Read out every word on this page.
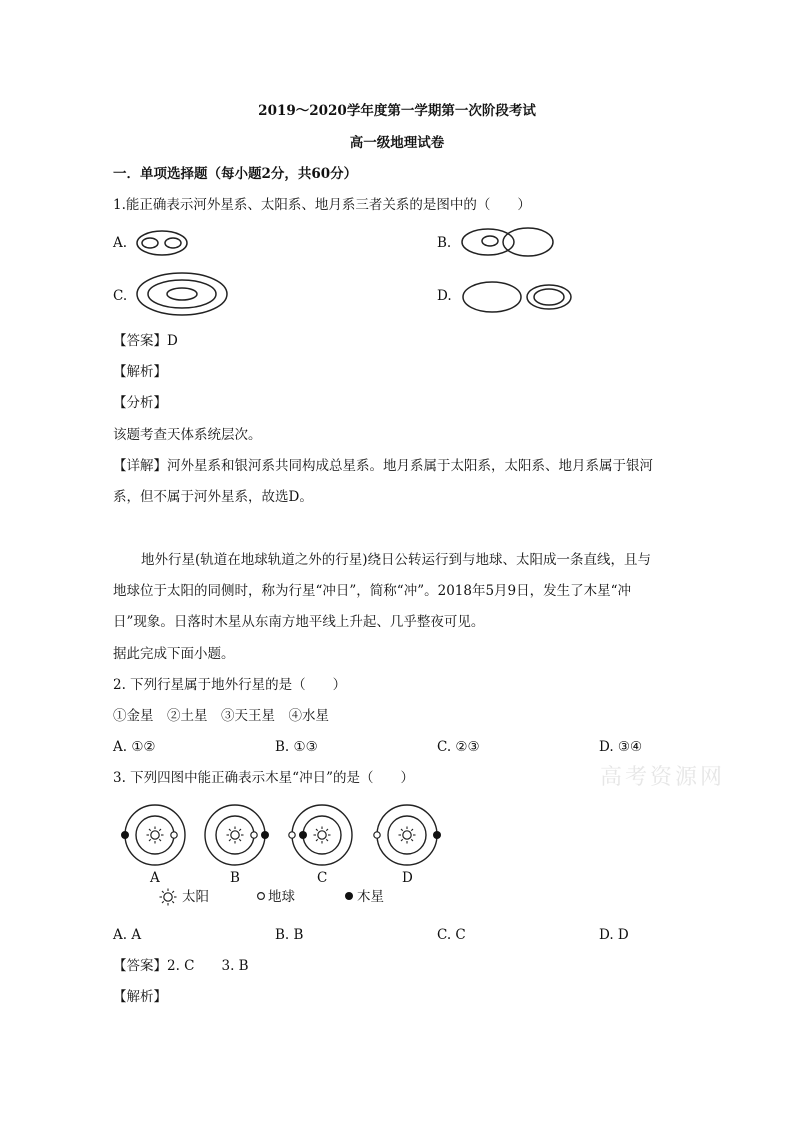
2019～2020学年度第一学期第一次阶段考试
高一级地理试卷
一．单项选择题（每小题2分，共60分）
1.能正确表示河外星系、太阳系、地月系三者关系的是图中的（　　）
A.	B.
C.	D.
【答案】D
【解析】
【分析】
该题考查天体系统层次。
【详解】河外星系和银河系共同构成总星系。地月系属于太阳系，太阳系、地月系属于银河
系，但不属于河外星系，故选D。
地外行星(轨道在地球轨道之外的行星)绕日公转运行到与地球、太阳成一条直线，且与
地球位于太阳的同侧时，称为行星“冲日”，简称“冲”。2018年5月9日，发生了木星“冲
日”现象。日落时木星从东南方地平线上升起、几乎整夜可见。
据此完成下面小题。
2. 下列行星属于地外行星的是（　　）
①金星　②土星　③天王星　④水星
A. ①②	B. ①③	C. ②③	D. ③④
3. 下列四图中能正确表示木星“冲日”的是（　　）
A	B	C	D
太阳	地球	木星
A. A	B. B	C. C	D. D
【答案】2. C　　3. B
【解析】
高考资源网
